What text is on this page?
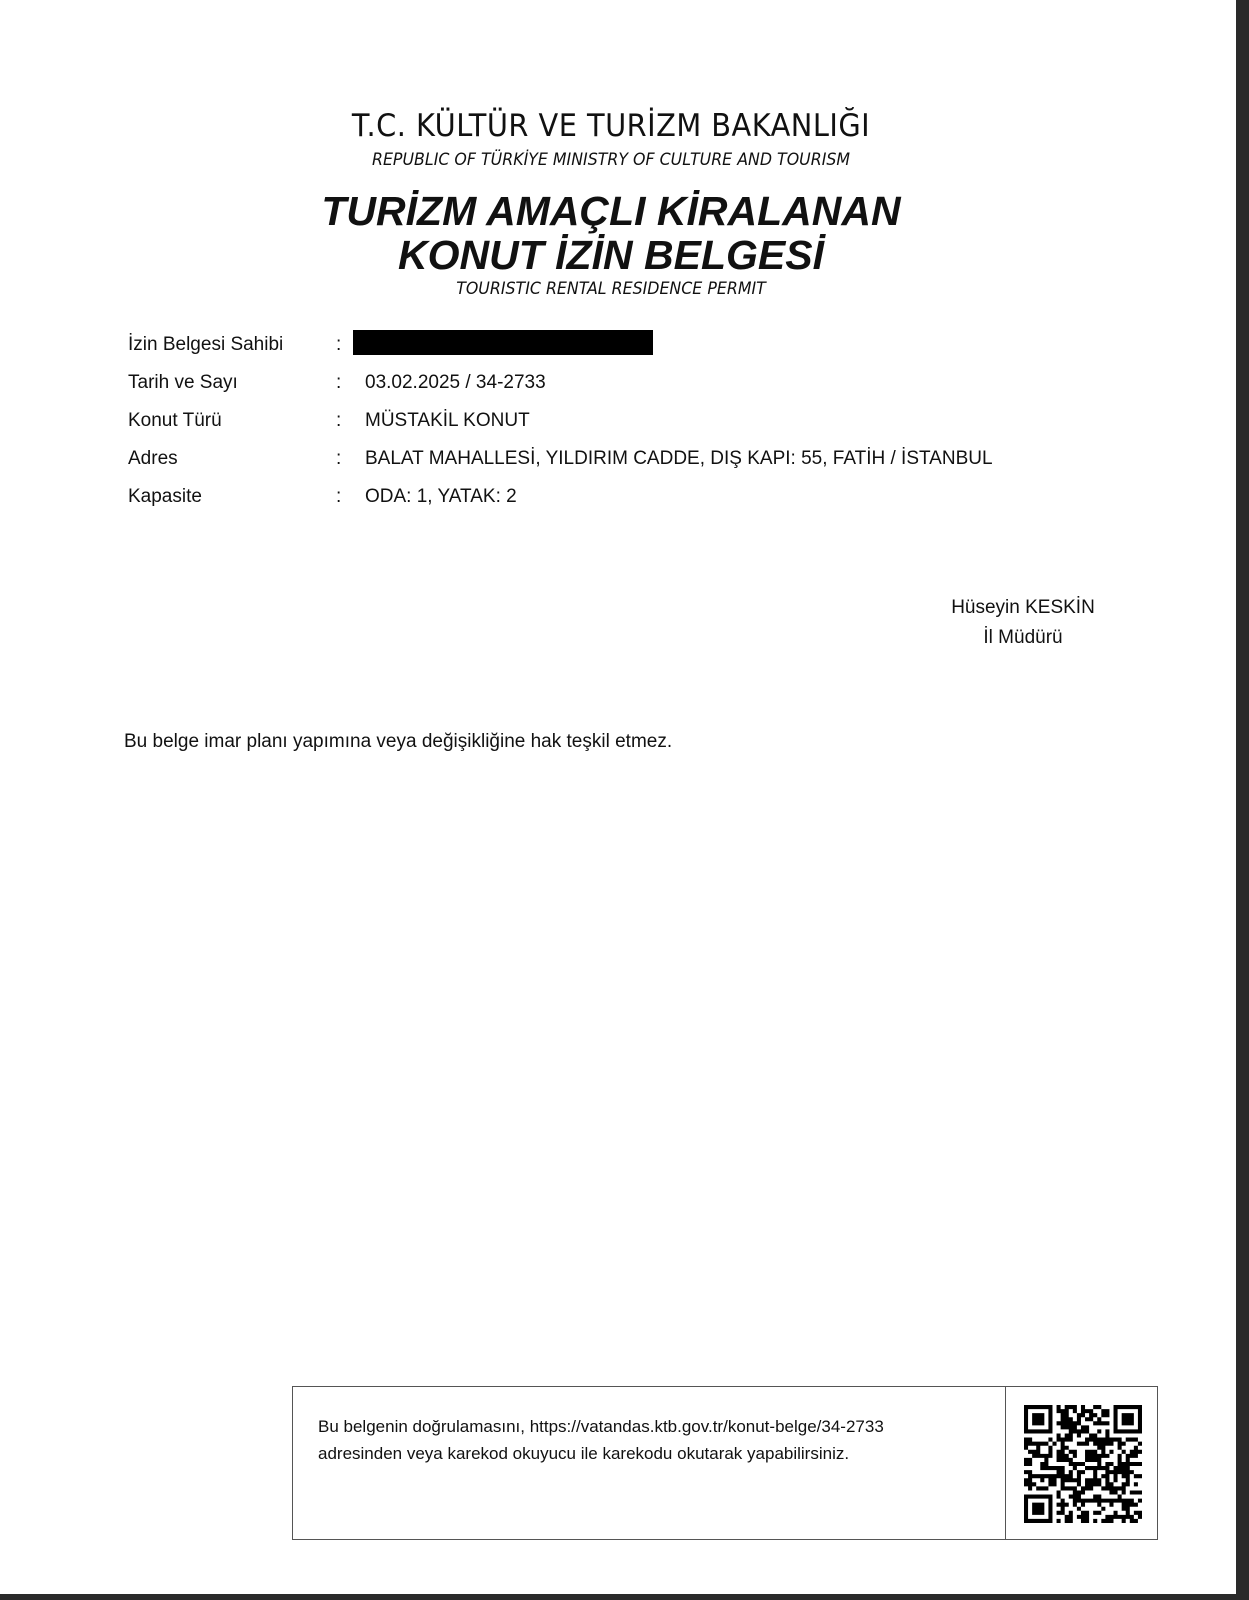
T.C. KÜLTÜR VE TURİZM BAKANLIĞI
REPUBLIC OF TÜRKİYE MINISTRY OF CULTURE AND TOURISM
TURİZM AMAÇLI KİRALANAN
KONUT İZİN BELGESİ
TOURISTIC RENTAL RESIDENCE PERMIT
İzin Belgesi Sahibi	:
Tarih ve Sayı	: 03.02.2025 / 34-2733
Konut Türü	: MÜSTAKİL KONUT
Adres	: BALAT MAHALLESİ, YILDIRIM CADDE, DIŞ KAPI: 55, FATİH / İSTANBUL
Kapasite	: ODA: 1, YATAK: 2
Hüseyin KESKİN
İl Müdürü
Bu belge imar planı yapımına veya değişikliğine hak teşkil etmez.
Bu belgenin doğrulamasını, https://vatandas.ktb.gov.tr/konut-belge/34-2733
adresinden veya karekod okuyucu ile karekodu okutarak yapabilirsiniz.
